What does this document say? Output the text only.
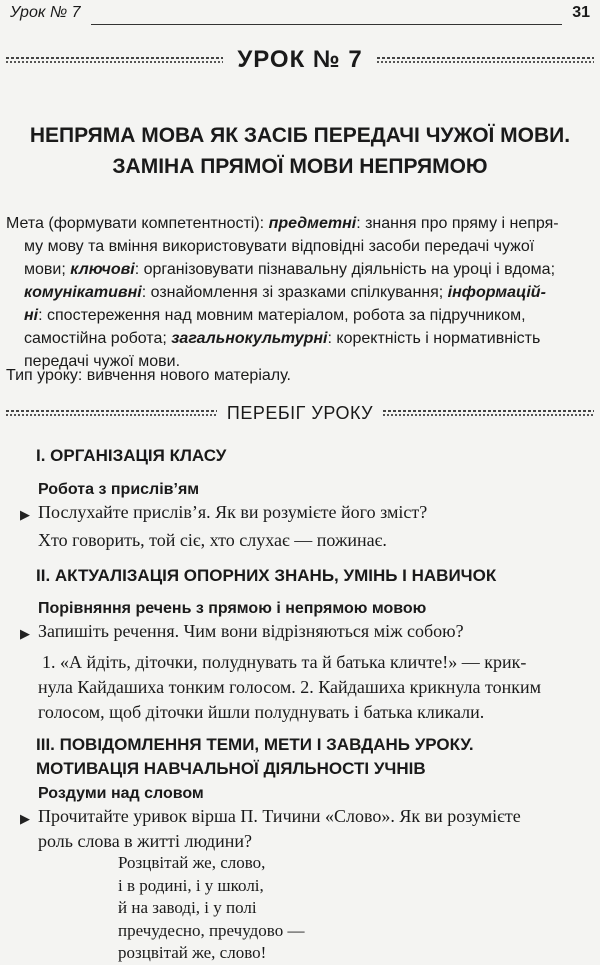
Урок № 7	31
УРОК № 7
НЕПРЯМА МОВА ЯК ЗАСІБ ПЕРЕДАЧІ ЧУЖОЇ МОВИ.
ЗАМІНА ПРЯМОЇ МОВИ НЕПРЯМОЮ
Мета (формувати компетентності): предметні: знання про пряму і непря-
му мову та вміння використовувати відповідні засоби передачі чужої
мови; ключові: організовувати пізнавальну діяльність на уроці і вдома;
комунікативні: ознайомлення зі зразками спілкування; інформацій-
ні: спостереження над мовним матеріалом, робота за підручником,
самостійна робота; загальнокультурні: коректність і нормативність
передачі чужої мови.
Тип уроку: вивчення нового матеріалу.
ПЕРЕБІГ УРОКУ
I. ОРГАНІЗАЦІЯ КЛАСУ
Робота з прислів’ям
▶ Послухайте прислів’я. Як ви розумієте його зміст?
Хто говорить, той сіє, хто слухає — пожинає.
II. АКТУАЛІЗАЦІЯ ОПОРНИХ ЗНАНЬ, УМІНЬ І НАВИЧОК
Порівняння речень з прямою і непрямою мовою
▶ Запишіть речення. Чим вони відрізняються між собою?
1. «А йдіть, діточки, полуднувать та й батька кличте!» — крик-
нула Кайдашиха тонким голосом. 2. Кайдашиха крикнула тонким
голосом, щоб діточки йшли полуднувать і батька кликали.
III. ПОВІДОМЛЕННЯ ТЕМИ, МЕТИ І ЗАВДАНЬ УРОКУ.
МОТИВАЦІЯ НАВЧАЛЬНОЇ ДІЯЛЬНОСТІ УЧНІВ
Роздуми над словом
▶ Прочитайте уривок вірша П. Тичини «Слово». Як ви розумієте
роль слова в житті людини?
Розцвітай же, слово,
і в родині, і у школі,
й на заводі, і у полі
пречудесно, пречудово —
розцвітай же, слово!
